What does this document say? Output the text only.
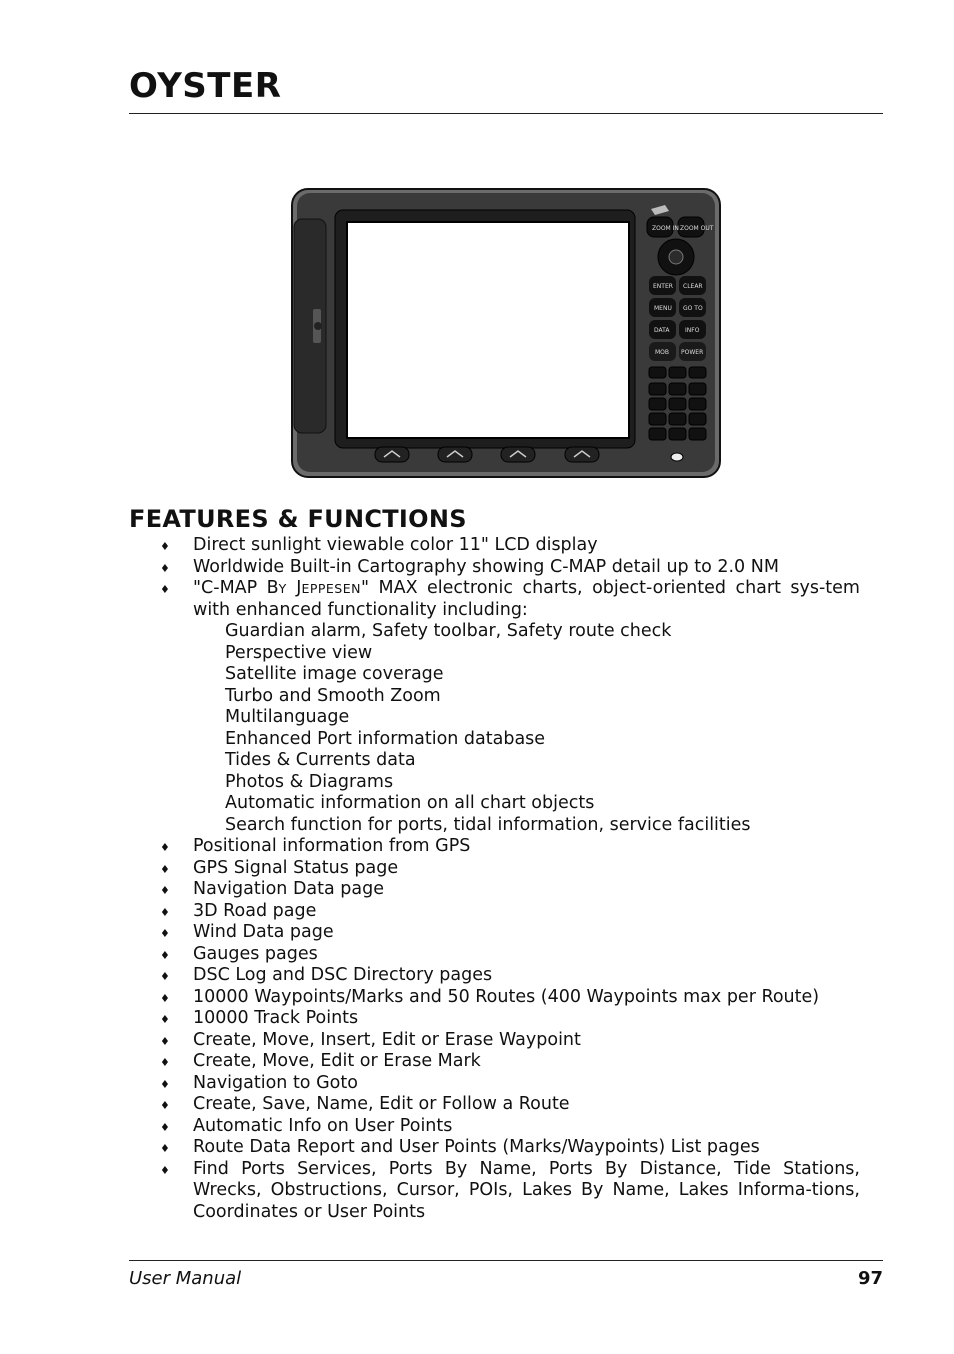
OYSTER
ZOOM IN ZOOM OUT
ENTER CLEAR
MENU GO TO
DATA	INFO
MOB POWER
FEATURES & FUNCTIONS
♦ Direct sunlight viewable color 11" LCD display
♦ Worldwide Built-in Cartography showing C-MAP detail up to 2.0 NM
♦ "C-MAP BY JEPPESEN" MAX electronic charts, object-oriented chart sys-tem with enhanced functionality including:
Guardian alarm, Safety toolbar, Safety route check
Perspective view
Satellite image coverage
Turbo and Smooth Zoom
Multilanguage
Enhanced Port information database
Tides & Currents data
Photos & Diagrams
Automatic information on all chart objects
Search function for ports, tidal information, service facilities
♦ Positional information from GPS
♦ GPS Signal Status page
♦ Navigation Data page
♦ 3D Road page
♦ Wind Data page
♦ Gauges pages
♦ DSC Log and DSC Directory pages
♦ 10000 Waypoints/Marks and 50 Routes (400 Waypoints max per Route)
♦ 10000 Track Points
♦ Create, Move, Insert, Edit or Erase Waypoint
♦ Create, Move, Edit or Erase Mark
♦ Navigation to Goto
♦ Create, Save, Name, Edit or Follow a Route
♦ Automatic Info on User Points
♦ Route Data Report and User Points (Marks/Waypoints) List pages
♦ Find Ports Services, Ports By Name, Ports By Distance, Tide Stations, Wrecks, Obstructions, Cursor, POIs, Lakes By Name, Lakes Informa-tions, Coordinates or User Points
User Manual	97
